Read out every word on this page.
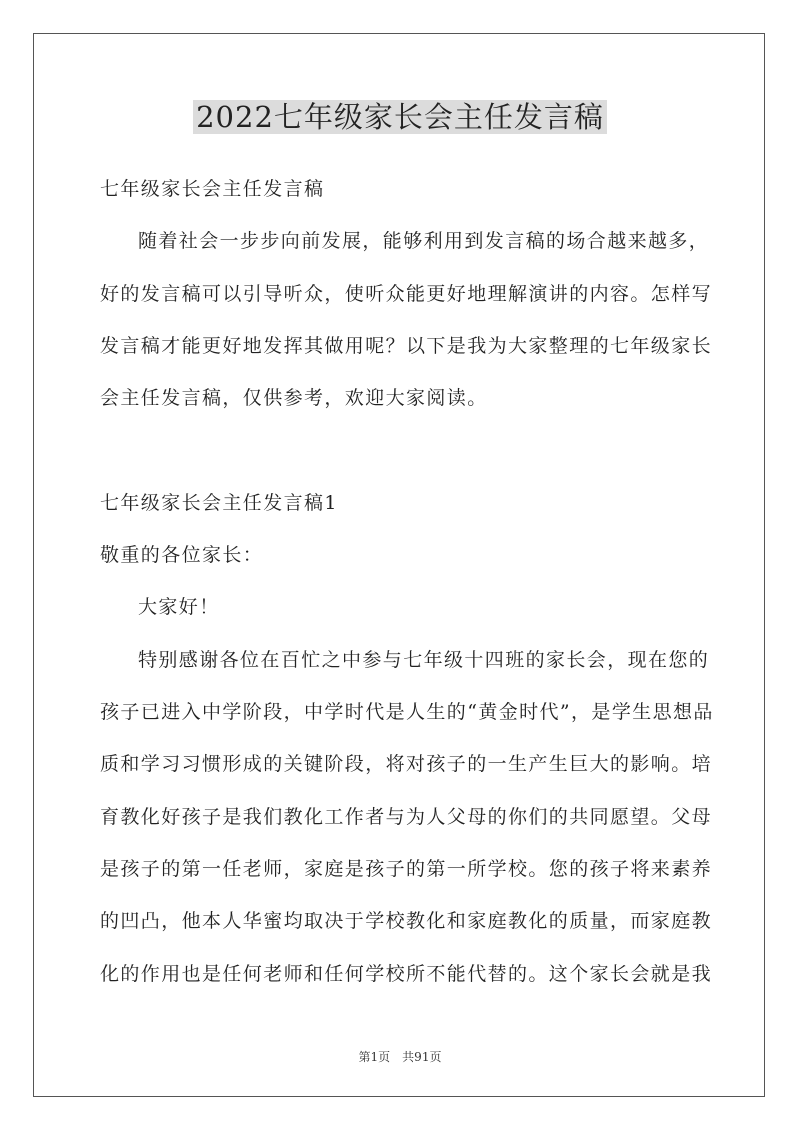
2022七年级家长会主任发言稿
七年级家长会主任发言稿
随着社会一步步向前发展，能够利用到发言稿的场合越来越多，
好的发言稿可以引导听众，使听众能更好地理解演讲的内容。怎样写
发言稿才能更好地发挥其做用呢？以下是我为大家整理的七年级家长
会主任发言稿，仅供参考，欢迎大家阅读。
七年级家长会主任发言稿1
敬重的各位家长：
大家好！
特别感谢各位在百忙之中参与七年级十四班的家长会，现在您的
孩子已进入中学阶段，中学时代是人生的“黄金时代”，是学生思想品
质和学习习惯形成的关键阶段，将对孩子的一生产生巨大的影响。培
育教化好孩子是我们教化工作者与为人父母的你们的共同愿望。父母
是孩子的第一任老师，家庭是孩子的第一所学校。您的孩子将来素养
的凹凸，他本人华蜜均取决于学校教化和家庭教化的质量，而家庭教
化的作用也是任何老师和任何学校所不能代替的。这个家长会就是我
第1页　共91页
